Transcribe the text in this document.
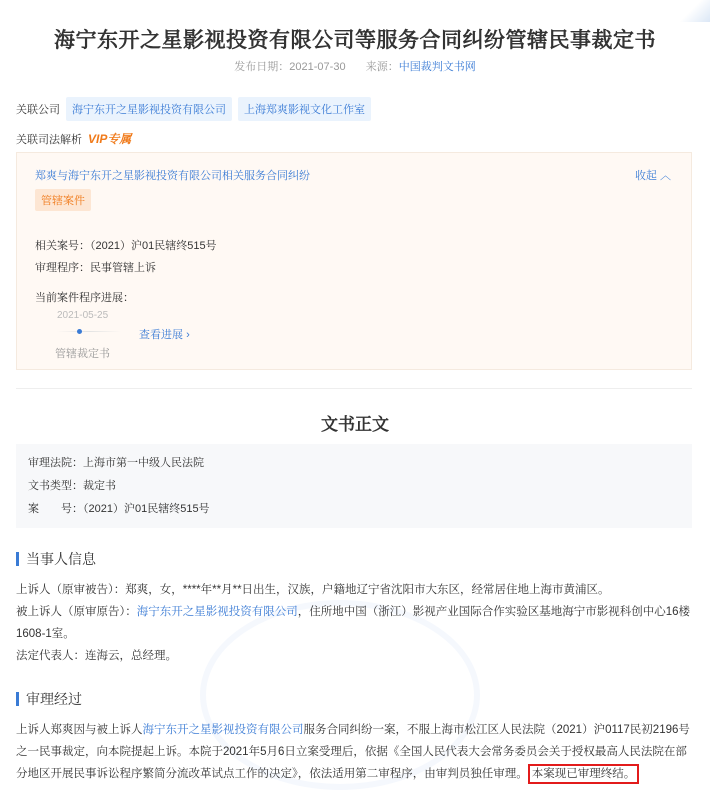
海宁东开之星影视投资有限公司等服务合同纠纷管辖民事裁定书
发布日期：2021-07-30 来源：中国裁判文书网
关联公司	海宁东开之星影视投资有限公司	上海郑爽影视文化工作室
关联司法解析 VIP专属
郑爽与海宁东开之星影视投资有限公司相关服务合同纠纷	收起 ︿
管辖案件
相关案号：（2021）沪01民辖终515号
审理程序：民事管辖上诉
当前案件程序进展：
2021-05-25
查看进展 ›
管辖裁定书
文书正文
审理法院：上海市第一中级人民法院
文书类型：裁定书
案　　号：（2021）沪01民辖终515号
当事人信息

上诉人（原审被告）：郑爽，女，****年**月**日出生，汉族，户籍地辽宁省沈阳市大东区，经常居住地上海市黄浦区。

被上诉人（原审原告）：海宁东开之星影视投资有限公司，住所地中国（浙江）影视产业国际合作实验区基地海宁市影视科创中心16楼1608-1室。

法定代表人：连海云，总经理。

审理经过

上诉人郑爽因与被上诉人海宁东开之星影视投资有限公司服务合同纠纷一案，不服上海市松江区人民法院（2021）沪0117民初2196号之一民事裁定，向本院提起上诉。本院于2021年5月6日立案受理后，依据《全国人民代表大会常务委员会关于授权最高人民法院在部分地区开展民事诉讼程序繁简分流改革试点工作的决定》，依法适用第二审程序，由审判员独任审理。 本案现已审理终结。
